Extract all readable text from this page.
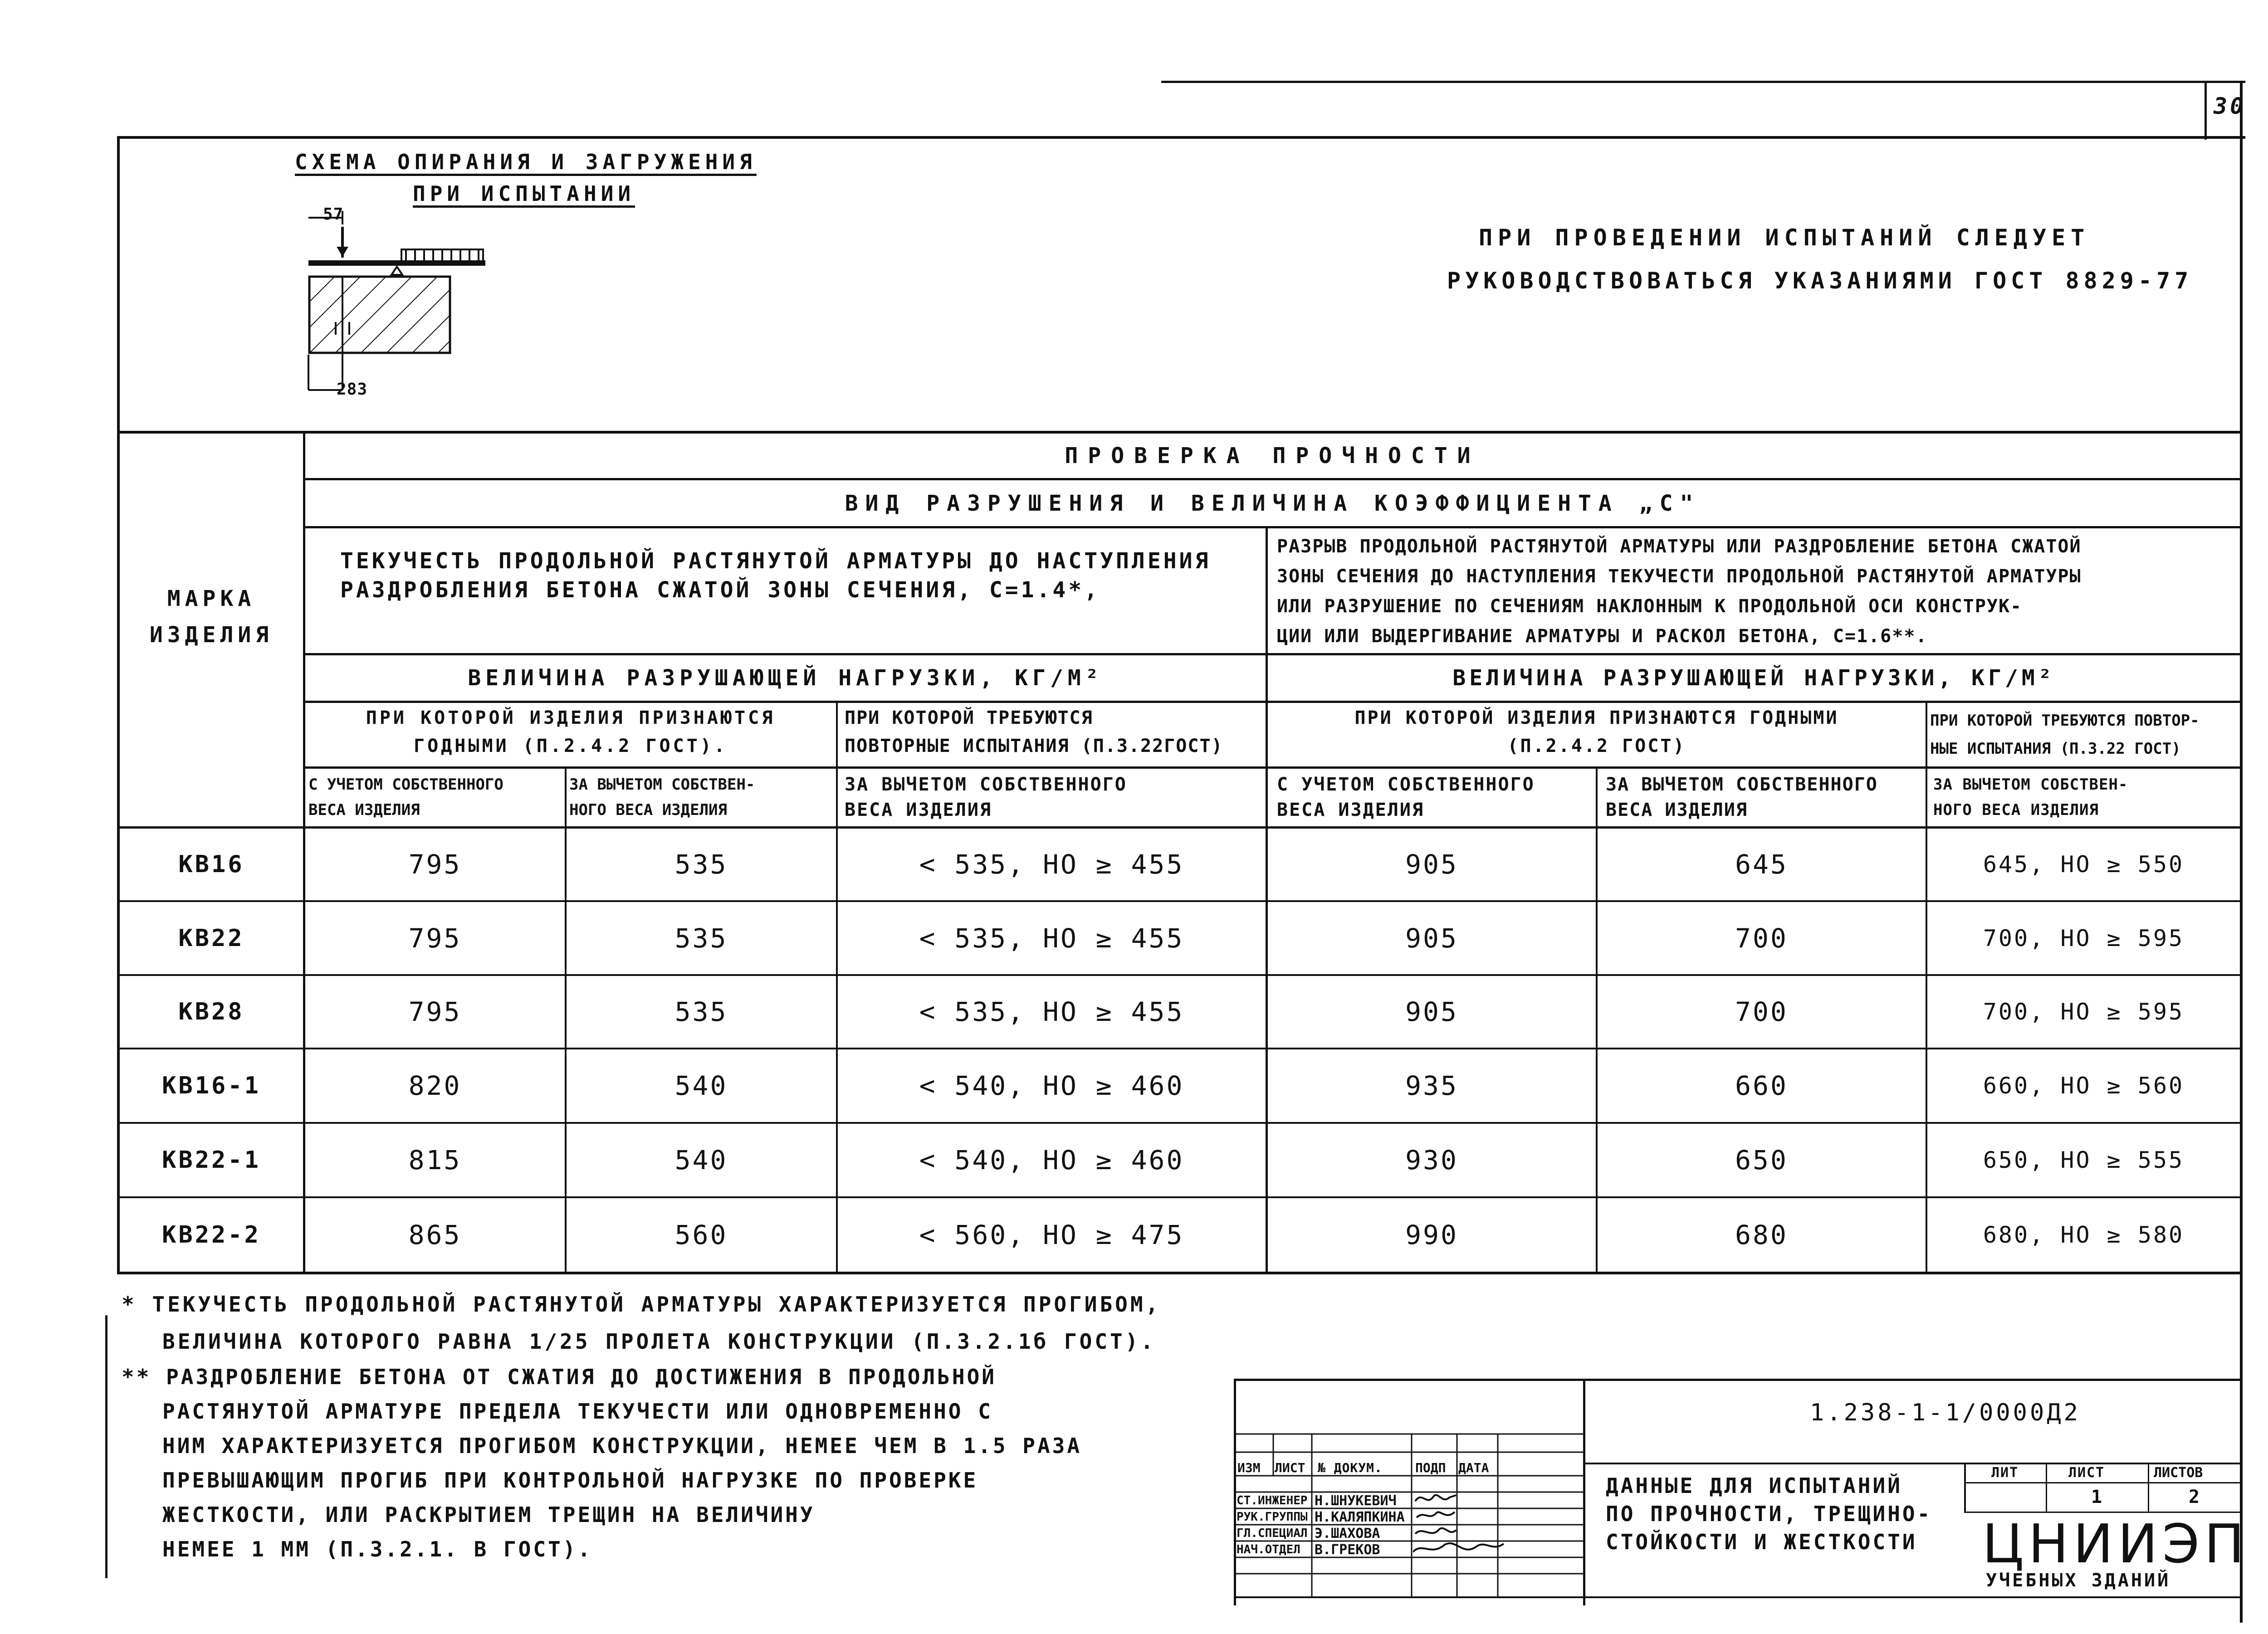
30
СХЕМА ОПИРАНИЯ И ЗАГРУЖЕНИЯ
ПРИ ИСПЫТАНИИ
57
283
ПРИ ПРОВЕДЕНИИ ИСПЫТАНИЙ СЛЕДУЕТ
РУКОВОДСТВОВАТЬСЯ УКАЗАНИЯМИ ГОСТ 8829-77
МАРКА
ИЗДЕЛИЯ
ПРОВЕРКА ПРОЧНОСТИ
ВИД РАЗРУШЕНИЯ И ВЕЛИЧИНА КОЭФФИЦИЕНТА „С"
ТЕКУЧЕСТЬ ПРОДОЛЬНОЙ РАСТЯНУТОЙ АРМАТУРЫ ДО НАСТУПЛЕНИЯ
РАЗДРОБЛЕНИЯ БЕТОНА СЖАТОЙ ЗОНЫ СЕЧЕНИЯ, С=1.4*,
РАЗРЫВ ПРОДОЛЬНОЙ РАСТЯНУТОЙ АРМАТУРЫ ИЛИ РАЗДРОБЛЕНИЕ БЕТОНА СЖАТОЙ
ЗОНЫ СЕЧЕНИЯ ДО НАСТУПЛЕНИЯ ТЕКУЧЕСТИ ПРОДОЛЬНОЙ РАСТЯНУТОЙ АРМАТУРЫ
ИЛИ РАЗРУШЕНИЕ ПО СЕЧЕНИЯМ НАКЛОННЫМ К ПРОДОЛЬНОЙ ОСИ КОНСТРУК-
ЦИИ ИЛИ ВЫДЕРГИВАНИЕ АРМАТУРЫ И РАСКОЛ БЕТОНА, С=1.6**.
ВЕЛИЧИНА РАЗРУШАЮЩЕЙ НАГРУЗКИ, КГ/М²	ВЕЛИЧИНА РАЗРУШАЮЩЕЙ НАГРУЗКИ, КГ/М²
ПРИ КОТОРОЙ ИЗДЕЛИЯ ПРИЗНАЮТСЯ
ГОДНЫМИ (П.2.4.2 ГОСТ).
ПРИ КОТОРОЙ ТРЕБУЮТСЯ
ПОВТОРНЫЕ ИСПЫТАНИЯ (П.3.22ГОСТ)
ПРИ КОТОРОЙ ИЗДЕЛИЯ ПРИЗНАЮТСЯ ГОДНЫМИ
(П.2.4.2 ГОСТ)
ПРИ КОТОРОЙ ТРЕБУЮТСЯ ПОВТОР-
НЫЕ ИСПЫТАНИЯ (П.3.22 ГОСТ)
С УЧЕТОМ СОБСТВЕННОГО
ВЕСА ИЗДЕЛИЯ
ЗА ВЫЧЕТОМ СОБСТВЕН-
НОГО ВЕСА ИЗДЕЛИЯ
ЗА ВЫЧЕТОМ СОБСТВЕННОГО
ВЕСА ИЗДЕЛИЯ
С УЧЕТОМ СОБСТВЕННОГО
ВЕСА ИЗДЕЛИЯ
ЗА ВЫЧЕТОМ СОБСТВЕННОГО
ВЕСА ИЗДЕЛИЯ
ЗА ВЫЧЕТОМ СОБСТВЕН-
НОГО ВЕСА ИЗДЕЛИЯ
КВ16	795	535	< 535, НО ≥ 455	905	645	645, НО ≥ 550
КВ22	795	535	< 535, НО ≥ 455	905	700	700, НО ≥ 595
КВ28	795	535	< 535, НО ≥ 455	905	700	700, НО ≥ 595
КВ16-1	820	540	< 540, НО ≥ 460	935	660	660, НО ≥ 560
КВ22-1	815	540	< 540, НО ≥ 460	930	650	650, НО ≥ 555
КВ22-2	865	560	< 560, НО ≥ 475	990	680	680, НО ≥ 580
* ТЕКУЧЕСТЬ ПРОДОЛЬНОЙ РАСТЯНУТОЙ АРМАТУРЫ ХАРАКТЕРИЗУЕТСЯ ПРОГИБОМ,
ВЕЛИЧИНА КОТОРОГО РАВНА 1/25 ПРОЛЕТА КОНСТРУКЦИИ (П.3.2.1б ГОСТ).
** РАЗДРОБЛЕНИЕ БЕТОНА ОТ СЖАТИЯ ДО ДОСТИЖЕНИЯ В ПРОДОЛЬНОЙ
РАСТЯНУТОЙ АРМАТУРЕ ПРЕДЕЛА ТЕКУЧЕСТИ ИЛИ ОДНОВРЕМЕННО С
НИМ ХАРАКТЕРИЗУЕТСЯ ПРОГИБОМ КОНСТРУКЦИИ, НЕМЕЕ ЧЕМ В 1.5 РАЗА
ПРЕВЫШАЮЩИМ ПРОГИБ ПРИ КОНТРОЛЬНОЙ НАГРУЗКЕ ПО ПРОВЕРКЕ
ЖЕСТКОСТИ, ИЛИ РАСКРЫТИЕМ ТРЕЩИН НА ВЕЛИЧИНУ
НЕМЕЕ 1 ММ (П.3.2.1. В ГОСТ).
ИЗМ ЛИСТ № ДОКУМ.	ПОДП ДАТА
СТ.ИНЖЕНЕР Н.ШНУКЕВИЧ
РУК.ГРУППЫ Н.КАЛЯПКИНА
ГЛ.СПЕЦИАЛ Э.ШАХОВА
НАЧ.ОТДЕЛ В.ГРЕКОВ
1.238-1-1/0000Д2
ДАННЫЕ ДЛЯ ИСПЫТАНИЙ
ПО ПРОЧНОСТИ, ТРЕЩИНО-
СТОЙКОСТИ И ЖЕСТКОСТИ
ЛИТ	ЛИСТ	ЛИСТОВ
1	2
ЦНИИЭП
УЧЕБНЫХ ЗДАНИЙ
